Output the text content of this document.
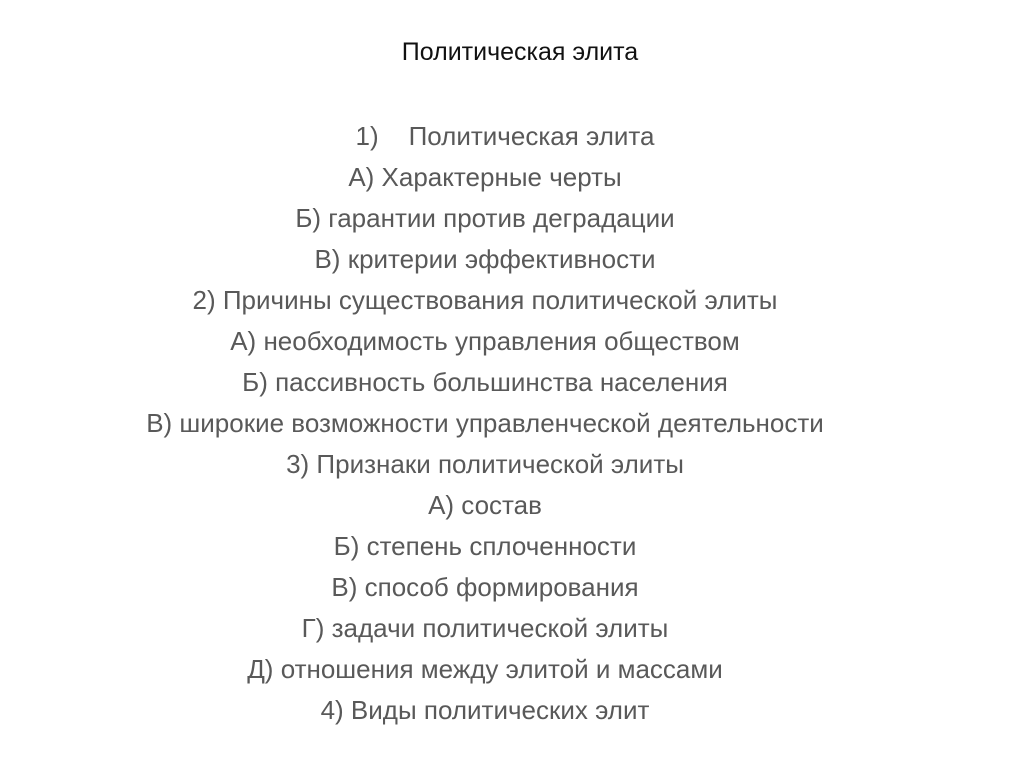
Политическая элита
1) Политическая элита
А) Характерные черты
Б) гарантии против деградации
В) критерии эффективности
2) Причины существования политической элиты
А) необходимость управления обществом
Б) пассивность большинства населения
В) широкие возможности управленческой деятельности
3) Признаки политической элиты
А) состав
Б) степень сплоченности
В) способ формирования
Г) задачи политической элиты
Д) отношения между элитой и массами
4) Виды политических элит
